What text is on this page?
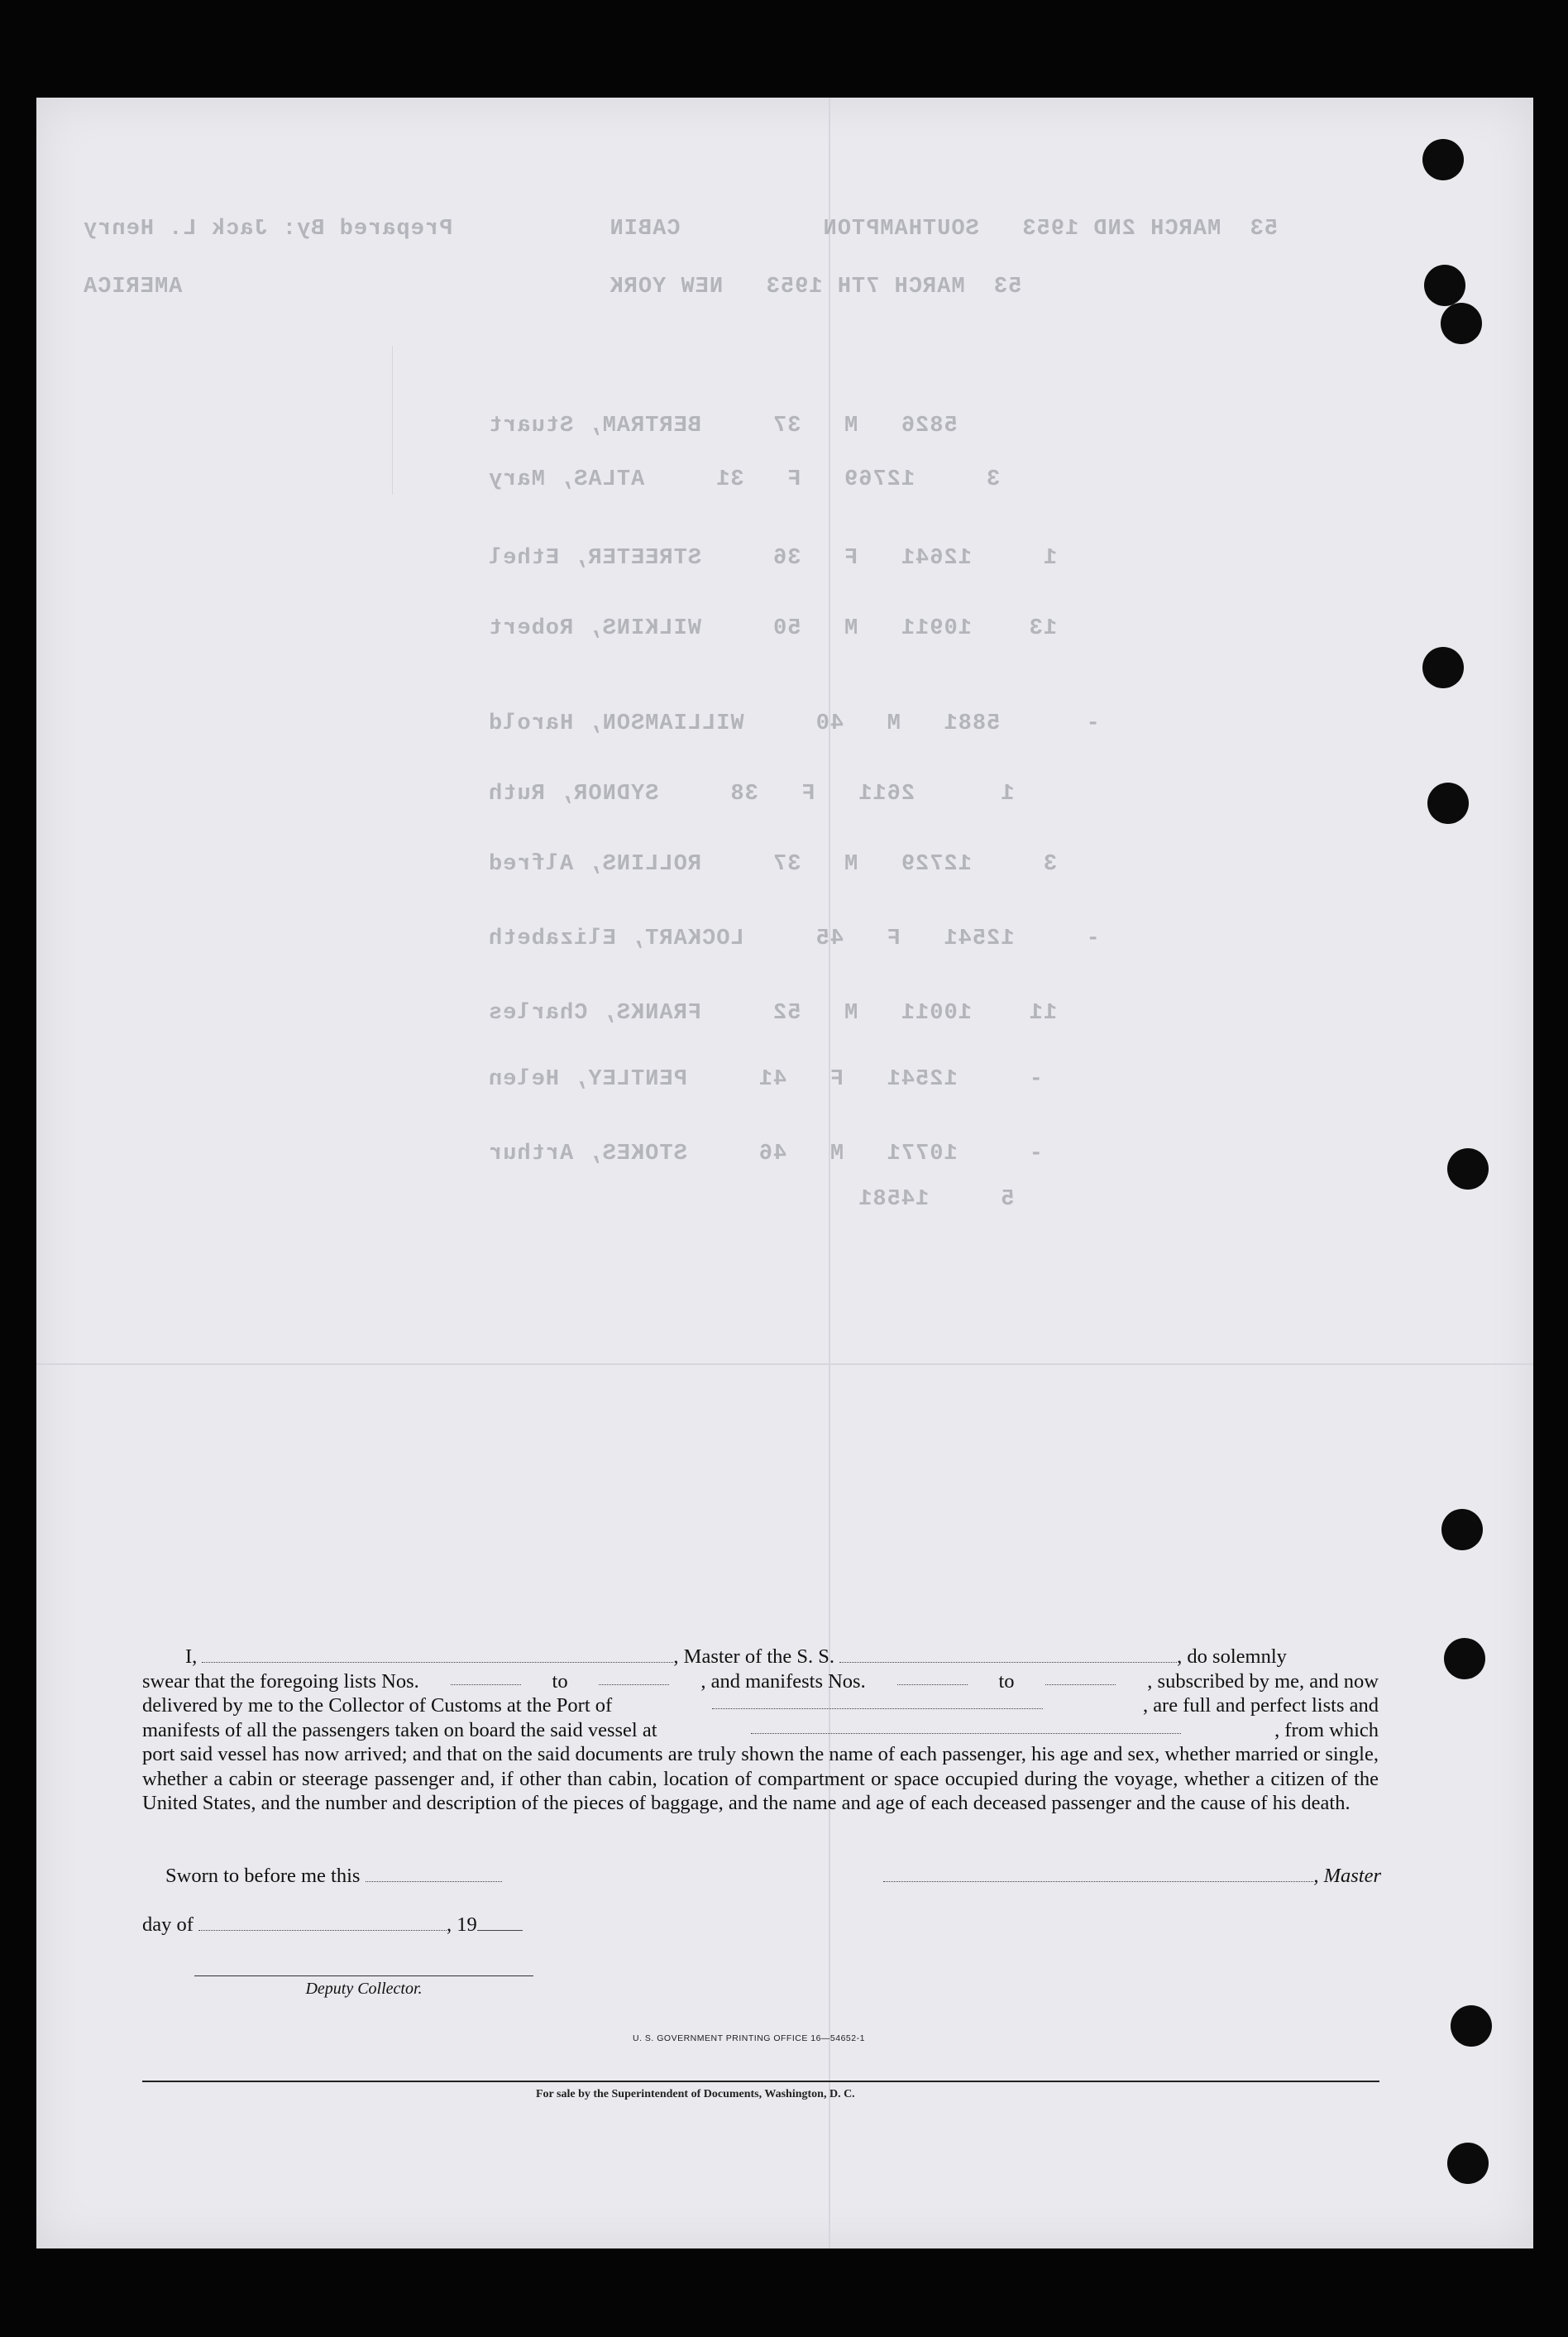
53  MARCH 2ND 1953   SOUTHAMPTON          CABIN           Prepared By: Jack L. Henry
53  MARCH 7TH 1953   NEW YORK                              AMERICA
5826   M   37     BERTRAM, Stuart
3     12769   F   31     ATLAS, Mary
1     12641   F   36     STREETER, Ethel
13    10911   M   50     WILKINS, Robert
-      5881   M   40     WILLIAMSON, Harold
1      2611   F   38     SYDNOR, Ruth
3     12729   M   37     ROLLINS, Alfred
-     12541   F   45     LOCKART, Elizabeth
11    10011   M   52     FRANKS, Charles
-     12541   F   41     PENTLEY, Helen
-     10771   M   46     STOKES, Arthur
5     14581
I,	, Master of the S. S.	, do solemnly
swear that the foregoing lists Nos.	to	, and manifests Nos.	to	, subscribed by me, and now
delivered by me to the Collector of Customs at the Port of	, are full and perfect lists and
manifests of all the passengers taken on board the said vessel at	, from which
port said vessel has now arrived; and that on the said documents are truly shown the name of each passenger, his age and sex, whether married or single, whether a cabin or steerage passenger and, if other than cabin, location of compartment or space occupied during the voyage, whether a citizen of the United States, and the number and description of the pieces of baggage, and the name and age of each deceased passenger and the cause of his death.
Sworn to before me this	, Master
day of	, 19
Deputy Collector.
U. S. GOVERNMENT PRINTING OFFICE 16—54652-1
For sale by the Superintendent of Documents, Washington, D. C.
